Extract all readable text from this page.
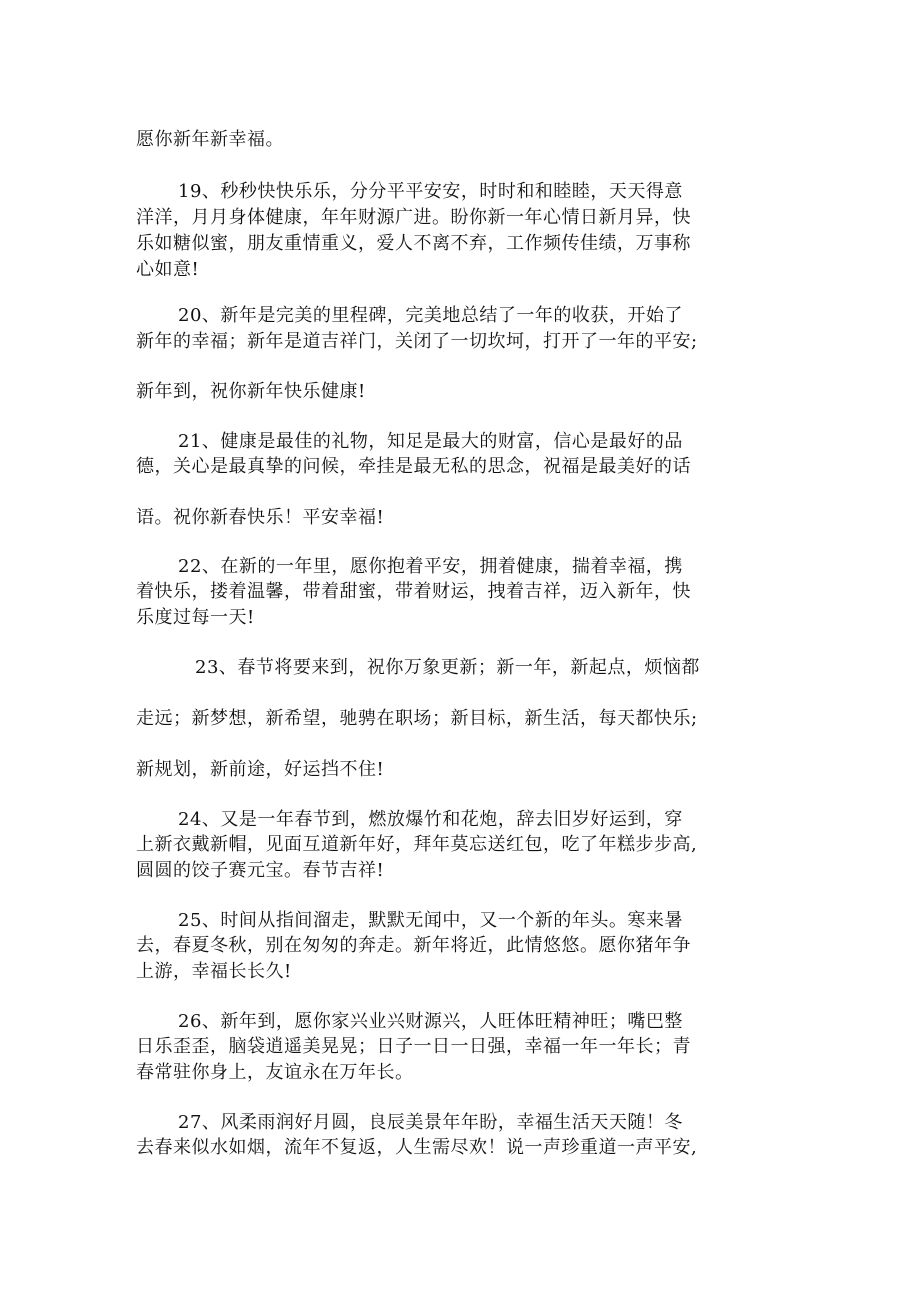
愿你新年新幸福。
19、秒秒快快乐乐，分分平平安安，时时和和睦睦，天天得意
洋洋，月月身体健康，年年财源广进。盼你新一年心情日新月异，快
乐如糖似蜜，朋友重情重义，爱人不离不弃，工作频传佳绩，万事称
心如意!
20、新年是完美的里程碑，完美地总结了一年的收获，开始了
新年的幸福；新年是道吉祥门，关闭了一切坎坷，打开了一年的平安;
新年到，祝你新年快乐健康!
21、健康是最佳的礼物，知足是最大的财富，信心是最好的品
德，关心是最真挚的问候，牵挂是最无私的思念，祝福是最美好的话
语。祝你新春快乐！平安幸福!
22、在新的一年里，愿你抱着平安，拥着健康，揣着幸福，携
着快乐，搂着温馨，带着甜蜜，带着财运，拽着吉祥，迈入新年，快
乐度过每一天!
23、春节将要来到，祝你万象更新；新一年，新起点，烦恼都
走远；新梦想，新希望，驰骋在职场；新目标，新生活，每天都快乐;
新规划，新前途，好运挡不住!
24、又是一年春节到，燃放爆竹和花炮，辞去旧岁好运到，穿
上新衣戴新帽，见面互道新年好，拜年莫忘送红包，吃了年糕步步高,
圆圆的饺子赛元宝。春节吉祥!
25、时间从指间溜走，默默无闻中，又一个新的年头。寒来暑
去，春夏冬秋，别在匆匆的奔走。新年将近，此情悠悠。愿你猪年争
上游，幸福长长久!
26、新年到，愿你家兴业兴财源兴，人旺体旺精神旺；嘴巴整
日乐歪歪，脑袋逍遥美晃晃；日子一日一日强，幸福一年一年长；青
春常驻你身上，友谊永在万年长。
27、风柔雨润好月圆，良辰美景年年盼，幸福生活天天随！冬
去春来似水如烟，流年不复返，人生需尽欢！说一声珍重道一声平安,
